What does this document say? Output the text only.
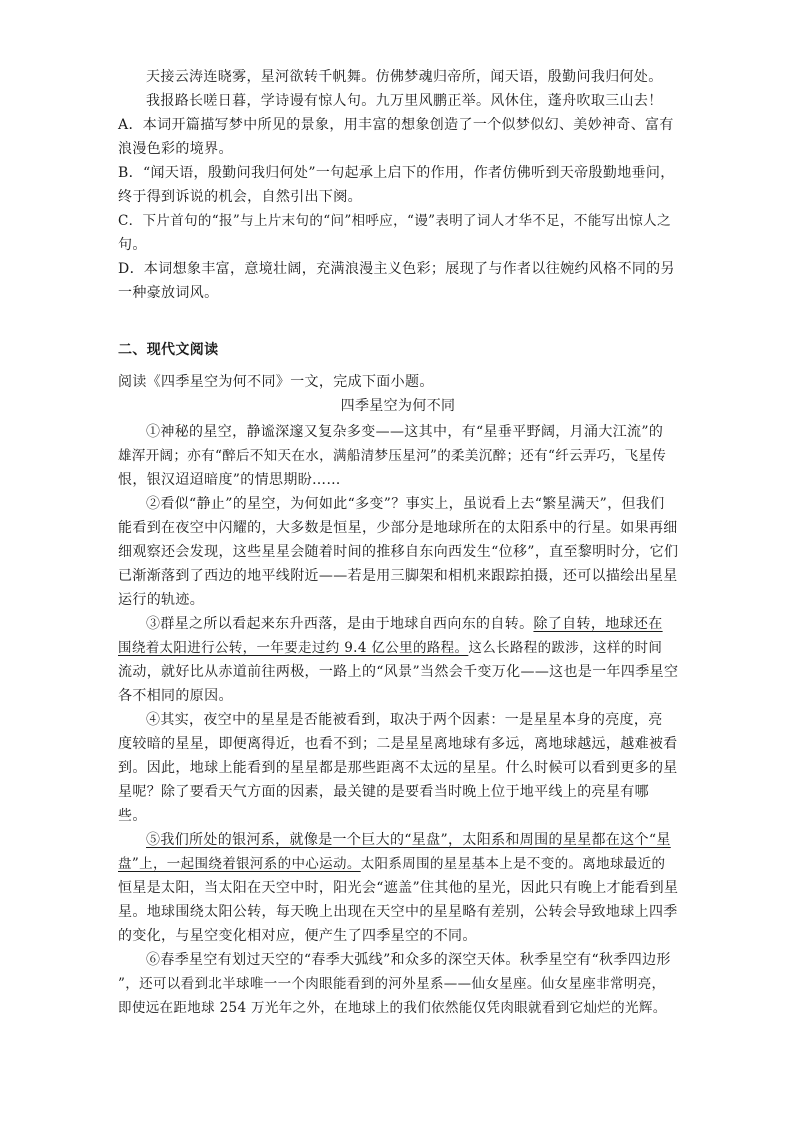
天接云涛连晓雾，星河欲转千帆舞。仿佛梦魂归帝所，闻天语，殷勤问我归何处。

我报路长嗟日暮，学诗谩有惊人句。九万里风鹏正举。风休住，蓬舟吹取三山去！

A．本词开篇描写梦中所见的景象，用丰富的想象创造了一个似梦似幻、美妙神奇、富有

浪漫色彩的境界。

B．“闻天语，殷勤问我归何处”一句起承上启下的作用，作者仿佛听到天帝殷勤地垂问，

终于得到诉说的机会，自然引出下阕。

C．下片首句的“报”与上片末句的“问”相呼应，“谩”表明了词人才华不足，不能写出惊人之

句。

D．本词想象丰富，意境壮阔，充满浪漫主义色彩；展现了与作者以往婉约风格不同的另

一种豪放词风。

二、现代文阅读

阅读《四季星空为何不同》一文，完成下面小题。

四季星空为何不同

①神秘的星空，静谧深邃又复杂多变——这其中，有“星垂平野阔，月涌大江流”的

雄浑开阔；亦有“醉后不知天在水，满船清梦压星河”的柔美沉醉；还有“纤云弄巧，飞星传

恨，银汉迢迢暗度”的情思期盼……

②看似“静止”的星空，为何如此“多变”？事实上，虽说看上去“繁星满天”，但我们

能看到在夜空中闪耀的，大多数是恒星，少部分是地球所在的太阳系中的行星。如果再细

细观察还会发现，这些星星会随着时间的推移自东向西发生“位移”，直至黎明时分，它们

已渐渐落到了西边的地平线附近——若是用三脚架和相机来跟踪拍摄，还可以描绘出星星

运行的轨迹。

③群星之所以看起来东升西落，是由于地球自西向东的自转。除了自转，地球还在

围绕着太阳进行公转，一年要走过约 9.4 亿公里的路程。这么长路程的跋涉，这样的时间

流动，就好比从赤道前往两极，一路上的“风景”当然会千变万化——这也是一年四季星空

各不相同的原因。

④其实，夜空中的星星是否能被看到，取决于两个因素：一是星星本身的亮度，亮

度较暗的星星，即便离得近，也看不到；二是星星离地球有多远，离地球越远，越难被看

到。因此，地球上能看到的星星都是那些距离不太远的星星。什么时候可以看到更多的星

星呢？除了要看天气方面的因素，最关键的是要看当时晚上位于地平线上的亮星有哪

些。

⑤我们所处的银河系，就像是一个巨大的“星盘”，太阳系和周围的星星都在这个“星

盘”上，一起围绕着银河系的中心运动。太阳系周围的星星基本上是不变的。离地球最近的

恒星是太阳，当太阳在天空中时，阳光会“遮盖”住其他的星光，因此只有晚上才能看到星

星。地球围绕太阳公转，每天晚上出现在天空中的星星略有差别，公转会导致地球上四季

的变化，与星空变化相对应，便产生了四季星空的不同。

⑥春季星空有划过天空的“春季大弧线”和众多的深空天体。秋季星空有“秋季四边形

”，还可以看到北半球唯一一个肉眼能看到的河外星系——仙女星座。仙女星座非常明亮，

即使远在距地球 254 万光年之外，在地球上的我们依然能仅凭肉眼就看到它灿烂的光辉。
